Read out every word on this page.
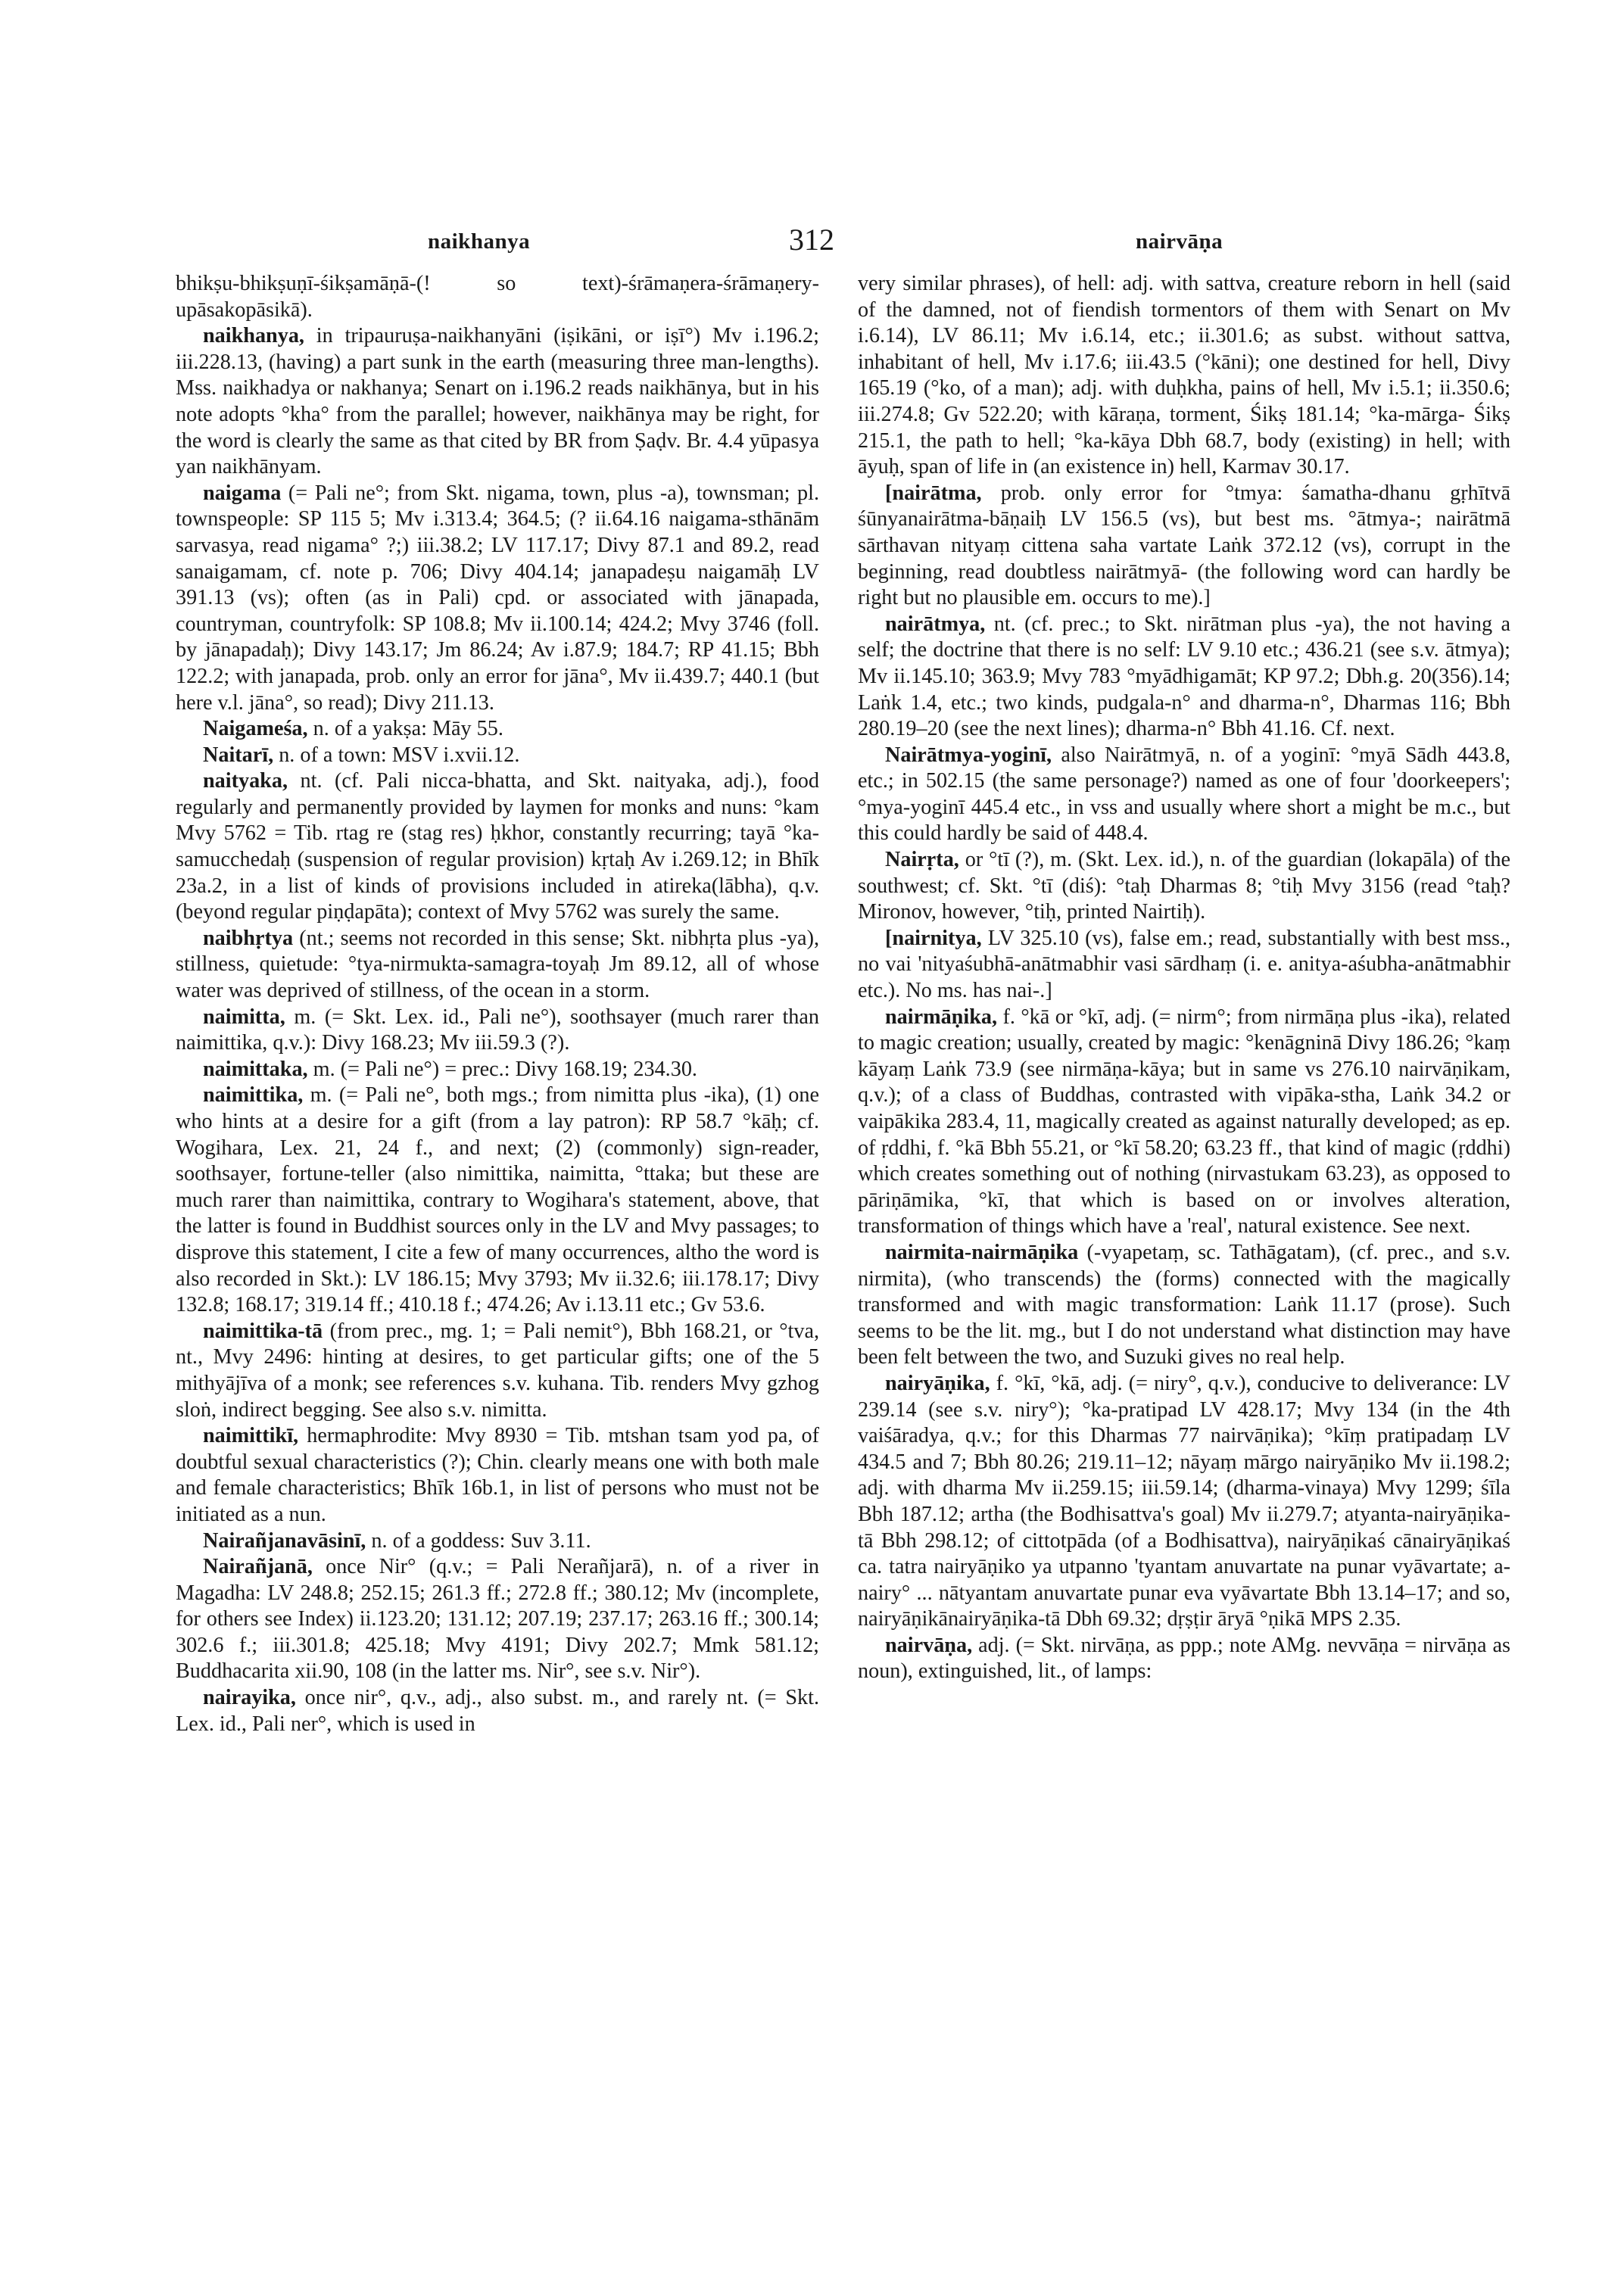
naikhanya	312	nairvāṇa

bhikṣu-bhikṣuṇī-śikṣamāṇā-(! so text)-śrāmaṇera-śrāmaṇery-upāsakopāsikā).

naikhanya, in tripauruṣa-naikhanyāni (iṣikāni, or iṣī°) Mv i.196.2; iii.228.13, (having) a part sunk in the earth (measuring three man-lengths). Mss. naikhadya or nakhanya; Senart on i.196.2 reads naikhānya, but in his note adopts °kha° from the parallel; however, naikhānya may be right, for the word is clearly the same as that cited by BR from Ṣaḍv. Br. 4.4 yūpasya yan naikhānyam.

naigama (= Pali ne°; from Skt. nigama, town, plus -a), townsman; pl. townspeople: SP 115 5; Mv i.313.4; 364.5; (? ii.64.16 naigama-sthānām sarvasya, read nigama° ?;) iii.38.2; LV 117.17; Divy 87.1 and 89.2, read sanaigamam, cf. note p. 706; Divy 404.14; janapadeṣu naigamāḥ LV 391.13 (vs); often (as in Pali) cpd. or associated with jānapada, countryman, countryfolk: SP 108.8; Mv ii.100.14; 424.2; Mvy 3746 (foll. by jānapadaḥ); Divy 143.17; Jm 86.24; Av i.87.9; 184.7; RP 41.15; Bbh 122.2; with janapada, prob. only an error for jāna°, Mv ii.439.7; 440.1 (but here v.l. jāna°, so read); Divy 211.13.

Naigameśa, n. of a yakṣa: Māy 55.

Naitarī, n. of a town: MSV i.xvii.12.

naityaka, nt. (cf. Pali nicca-bhatta, and Skt. naityaka, adj.), food regularly and permanently provided by laymen for monks and nuns: °kam Mvy 5762 = Tib. rtag re (stag res) ḥkhor, constantly recurring; tayā °ka-samucchedaḥ (suspension of regular provision) kṛtaḥ Av i.269.12; in Bhīk 23a.2, in a list of kinds of provisions included in atireka(lābha), q.v. (beyond regular piṇḍapāta); context of Mvy 5762 was surely the same.

naibhṛtya (nt.; seems not recorded in this sense; Skt. nibhṛta plus -ya), stillness, quietude: °tya-nirmukta-samagra-toyaḥ Jm 89.12, all of whose water was deprived of stillness, of the ocean in a storm.

naimitta, m. (= Skt. Lex. id., Pali ne°), soothsayer (much rarer than naimittika, q.v.): Divy 168.23; Mv iii.59.3 (?).

naimittaka, m. (= Pali ne°) = prec.: Divy 168.19; 234.30.

naimittika, m. (= Pali ne°, both mgs.; from nimitta plus -ika), (1) one who hints at a desire for a gift (from a lay patron): RP 58.7 °kāḥ; cf. Wogihara, Lex. 21, 24 f., and next; (2) (commonly) sign-reader, soothsayer, fortune-teller (also nimittika, naimitta, °ttaka; but these are much rarer than naimittika, contrary to Wogihara's statement, above, that the latter is found in Buddhist sources only in the LV and Mvy passages; to disprove this statement, I cite a few of many occurrences, altho the word is also recorded in Skt.): LV 186.15; Mvy 3793; Mv ii.32.6; iii.178.17; Divy 132.8; 168.17; 319.14 ff.; 410.18 f.; 474.26; Av i.13.11 etc.; Gv 53.6.

naimittika-tā (from prec., mg. 1; = Pali nemit°), Bbh 168.21, or °tva, nt., Mvy 2496: hinting at desires, to get particular gifts; one of the 5 mithyājīva of a monk; see references s.v. kuhana. Tib. renders Mvy gzhog sloṅ, indirect begging. See also s.v. nimitta.

naimittikī, hermaphrodite: Mvy 8930 = Tib. mtshan tsam yod pa, of doubtful sexual characteristics (?); Chin. clearly means one with both male and female characteristics; Bhīk 16b.1, in list of persons who must not be initiated as a nun.

Nairañjanavāsinī, n. of a goddess: Suv 3.11.

Nairañjanā, once Nir° (q.v.; = Pali Nerañjarā), n. of a river in Magadha: LV 248.8; 252.15; 261.3 ff.; 272.8 ff.; 380.12; Mv (incomplete, for others see Index) ii.123.20; 131.12; 207.19; 237.17; 263.16 ff.; 300.14; 302.6 f.; iii.301.8; 425.18; Mvy 4191; Divy 202.7; Mmk 581.12; Buddhacarita xii.90, 108 (in the latter ms. Nir°, see s.v. Nir°).

nairayika, once nir°, q.v., adj., also subst. m., and rarely nt. (= Skt. Lex. id., Pali ner°, which is used in

very similar phrases), of hell: adj. with sattva, creature reborn in hell (said of the damned, not of fiendish tormentors of them with Senart on Mv i.6.14), LV 86.11; Mv i.6.14, etc.; ii.301.6; as subst. without sattva, inhabitant of hell, Mv i.17.6; iii.43.5 (°kāni); one destined for hell, Divy 165.19 (°ko, of a man); adj. with duḥkha, pains of hell, Mv i.5.1; ii.350.6; iii.274.8; Gv 522.20; with kāraṇa, torment, Śikṣ 181.14; °ka-mārga- Śikṣ 215.1, the path to hell; °ka-kāya Dbh 68.7, body (existing) in hell; with āyuḥ, span of life in (an existence in) hell, Karmav 30.17.

[nairātma, prob. only error for °tmya: śamatha-dhanu gṛhītvā śūnyanairātma-bāṇaiḥ LV 156.5 (vs), but best ms. °ātmya-; nairātmā sārthavan nityaṃ cittena saha vartate Laṅk 372.12 (vs), corrupt in the beginning, read doubtless nairātmyā- (the following word can hardly be right but no plausible em. occurs to me).]

nairātmya, nt. (cf. prec.; to Skt. nirātman plus -ya), the not having a self; the doctrine that there is no self: LV 9.10 etc.; 436.21 (see s.v. ātmya); Mv ii.145.10; 363.9; Mvy 783 °myādhigamāt; KP 97.2; Dbh.g. 20(356).14; Laṅk 1.4, etc.; two kinds, pudgala-n° and dharma-n°, Dharmas 116; Bbh 280.19–20 (see the next lines); dharma-n° Bbh 41.16. Cf. next.

Nairātmya-yoginī, also Nairātmyā, n. of a yoginī: °myā Sādh 443.8, etc.; in 502.15 (the same personage?) named as one of four 'doorkeepers'; °mya-yoginī 445.4 etc., in vss and usually where short a might be m.c., but this could hardly be said of 448.4.

Nairṛta, or °tī (?), m. (Skt. Lex. id.), n. of the guardian (lokapāla) of the southwest; cf. Skt. °tī (diś): °taḥ Dharmas 8; °tiḥ Mvy 3156 (read °taḥ? Mironov, however, °tiḥ, printed Nairtiḥ).

[nairnitya, LV 325.10 (vs), false em.; read, substantially with best mss., no vai 'nityaśubhā-anātmabhir vasi sārdhaṃ (i. e. anitya-aśubha-anātmabhir etc.). No ms. has nai-.]

nairmāṇika, f. °kā or °kī, adj. (= nirm°; from nirmāṇa plus -ika), related to magic creation; usually, created by magic: °kenāgninā Divy 186.26; °kaṃ kāyaṃ Laṅk 73.9 (see nirmāṇa-kāya; but in same vs 276.10 nairvāṇikam, q.v.); of a class of Buddhas, contrasted with vipāka-stha, Laṅk 34.2 or vaipākika 283.4, 11, magically created as against naturally developed; as ep. of ṛddhi, f. °kā Bbh 55.21, or °kī 58.20; 63.23 ff., that kind of magic (ṛddhi) which creates something out of nothing (nirvastukam 63.23), as opposed to pāriṇāmika, °kī, that which is based on or involves alteration, transformation of things which have a 'real', natural existence. See next.

nairmita-nairmāṇika (-vyapetaṃ, sc. Tathāgatam), (cf. prec., and s.v. nirmita), (who transcends) the (forms) connected with the magically transformed and with magic transformation: Laṅk 11.17 (prose). Such seems to be the lit. mg., but I do not understand what distinction may have been felt between the two, and Suzuki gives no real help.

nairyāṇika, f. °kī, °kā, adj. (= niry°, q.v.), conducive to deliverance: LV 239.14 (see s.v. niry°); °ka-pratipad LV 428.17; Mvy 134 (in the 4th vaiśāradya, q.v.; for this Dharmas 77 nairvāṇika); °kīṃ pratipadaṃ LV 434.5 and 7; Bbh 80.26; 219.11–12; nāyaṃ mārgo nairyāṇiko Mv ii.198.2; adj. with dharma Mv ii.259.15; iii.59.14; (dharma-vinaya) Mvy 1299; śīla Bbh 187.12; artha (the Bodhisattva's goal) Mv ii.279.7; atyanta-nairyāṇika-tā Bbh 298.12; of cittotpāda (of a Bodhisattva), nairyāṇikaś cānairyāṇikaś ca. tatra nairyāṇiko ya utpanno 'tyantam anuvartate na punar vyāvartate; a-nairy° ... nātyantam anuvartate punar eva vyāvartate Bbh 13.14–17; and so, nairyāṇikānairyāṇika-tā Dbh 69.32; dṛṣṭir āryā °ṇikā MPS 2.35.

nairvāṇa, adj. (= Skt. nirvāṇa, as ppp.; note AMg. nevvāṇa = nirvāṇa as noun), extinguished, lit., of lamps:
